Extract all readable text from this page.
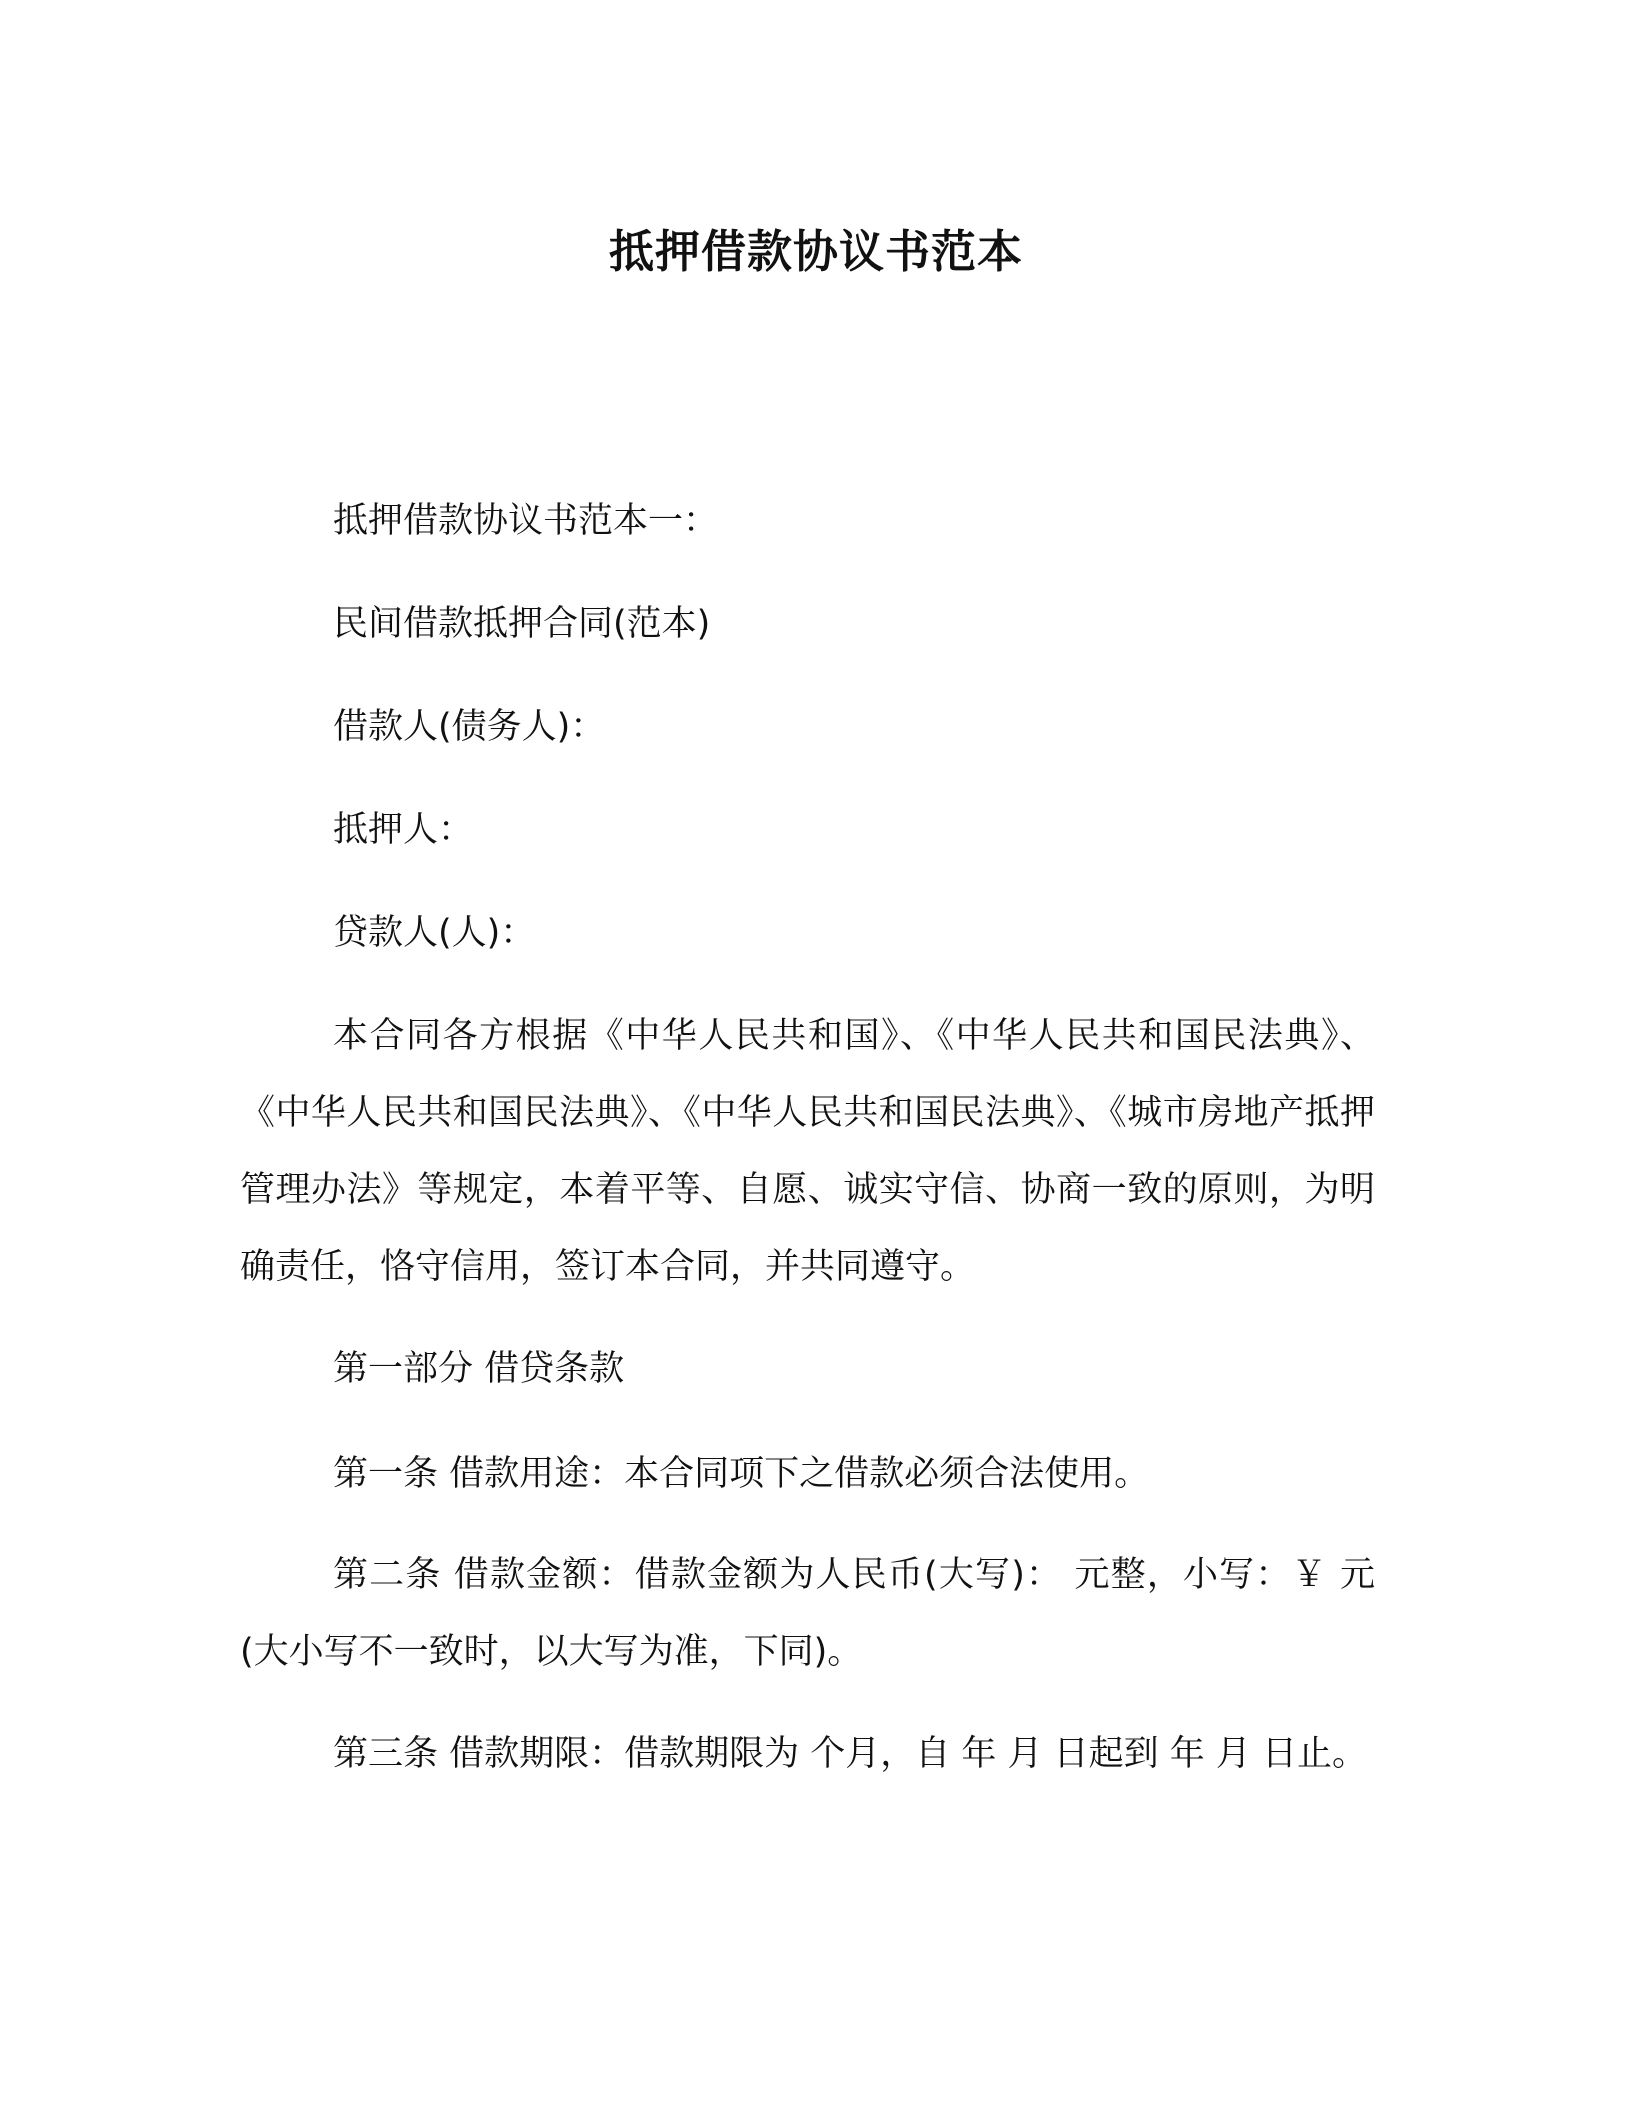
抵押借款协议书范本
抵押借款协议书范本一：
民间借款抵押合同(范本)
借款人(债务人)：
抵押人：
贷款人(人)：
本合同各方根据《中华人民共和国》、《中华人民共和国民法典》、《中华人民共和国民法典》、《中华人民共和国民法典》、《城市房地产抵押管理办法》等规定，本着平等、自愿、诚实守信、协商一致的原则，为明确责任，恪守信用，签订本合同，并共同遵守。
第一部分 借贷条款
第一条 借款用途：本合同项下之借款必须合法使用。
第二条 借款金额：借款金额为人民币(大写)： 元整，小写：￥ 元(大小写不一致时，以大写为准，下同)。
第三条 借款期限：借款期限为 个月，自 年 月 日起到 年 月 日止。
